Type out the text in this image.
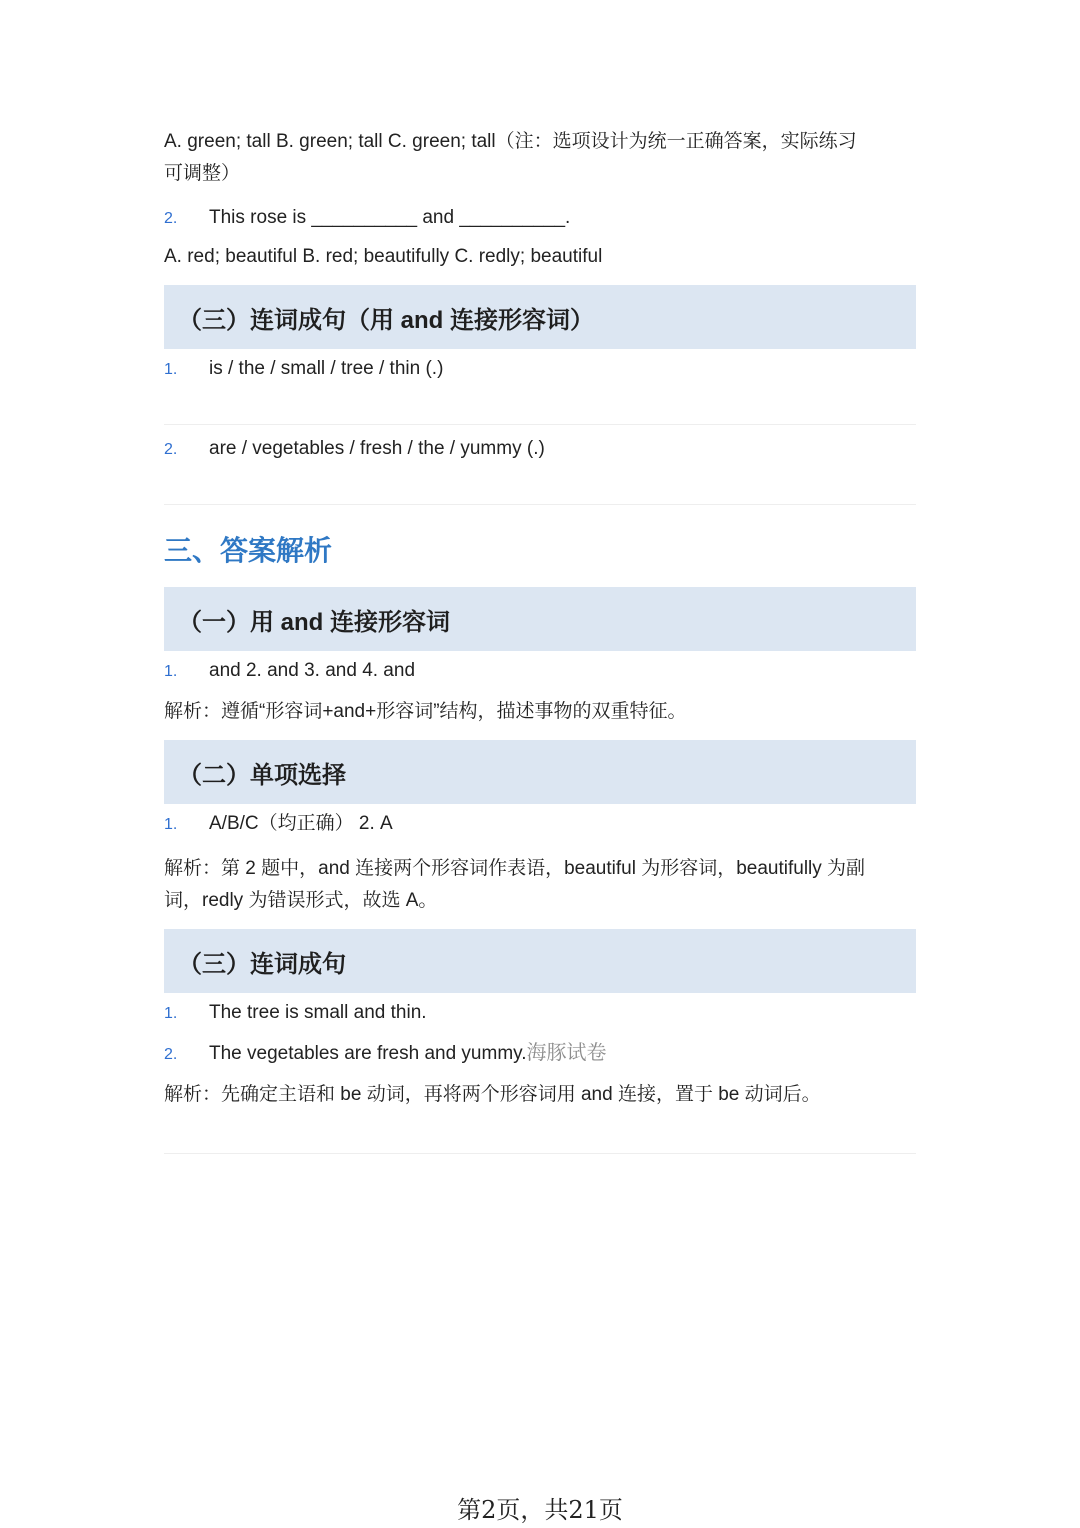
A. green; tall B. green; tall C. green; tall（注：选项设计为统一正确答案，实际练习

可调整）

2.	This rose is __________ and __________.

A. red; beautiful B. red; beautifully C. redly; beautiful

（三）连词成句（用 and 连接形容词）
1.	is / the / small / tree / thin (.)
2.	are / vegetables / fresh / the / yummy (.)
三、答案解析
（一）用 and 连接形容词
1.	and 2. and 3. and 4. and

解析：遵循“形容词+and+形容词”结构，描述事物的双重特征。

（二）单项选择
1.	A/B/C（均正确） 2. A

解析：第 2 题中，and 连接两个形容词作表语，beautiful 为形容词，beautifully 为副

词，redly 为错误形式，故选 A。

（三）连词成句
1.	The tree is small and thin.
2.	The vegetables are fresh and yummy. 海豚试卷

解析：先确定主语和 be 动词，再将两个形容词用 and 连接，置于 be 动词后。

第2页，共21页
